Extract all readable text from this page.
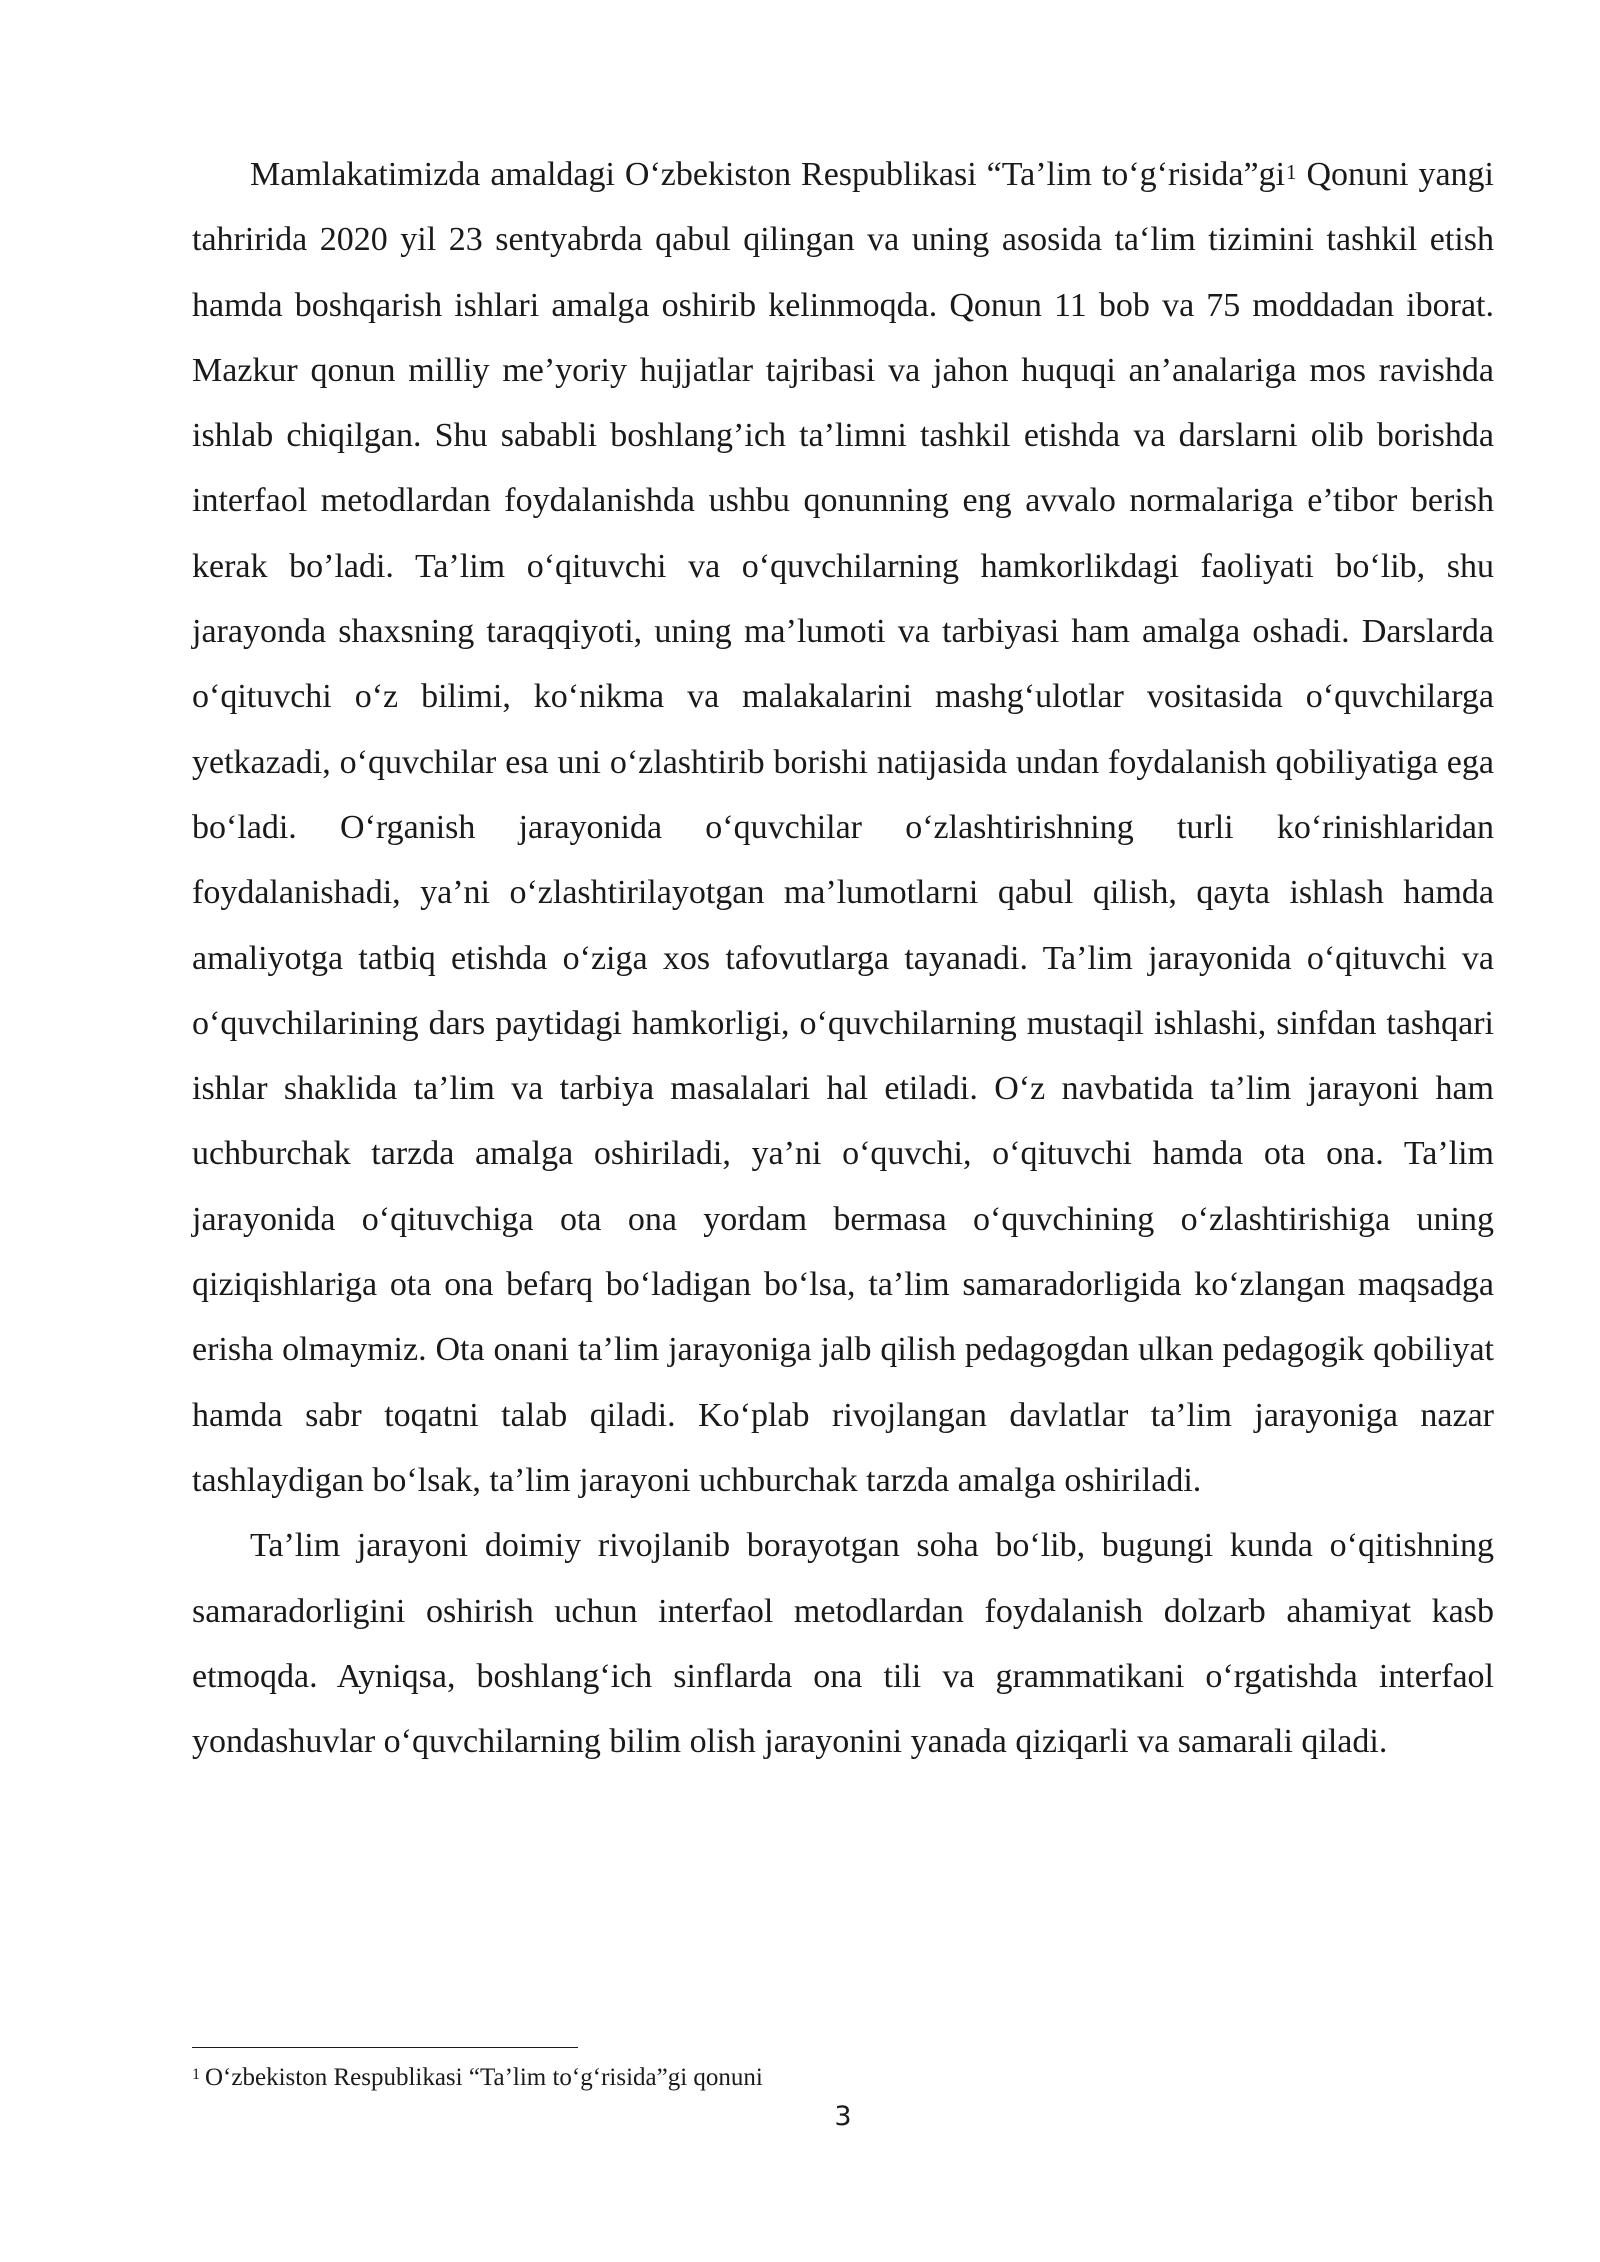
Mamlakatimizda amaldagi O‘zbekiston Respublikasi “Ta’lim to‘g‘risida”gi$^1$ Qonuni yangi tahririda 2020 yil 23 sentyabrda qabul qilingan va uning asosida ta‘lim tizimini tashkil etish hamda boshqarish ishlari amalga oshirib kelinmoqda. Qonun 11 bob va 75 moddadan iborat. Mazkur qonun milliy me’yoriy hujjatlar tajribasi va jahon huquqi an’analariga mos ravishda ishlab chiqilgan. Shu sababli boshlang’ich ta’limni tashkil etishda va darslarni olib borishda interfaol metodlardan foydalanishda ushbu qonunning eng avvalo normalariga e’tibor berish kerak bo’ladi. Ta’lim o‘qituvchi va o‘quvchilarning hamkorlikdagi faoliyati bo‘lib, shu jarayonda shaxsning taraqqiyoti, uning ma’lumoti va tarbiyasi ham amalga oshadi. Darslarda o‘qituvchi o‘z bilimi, ko‘nikma va malakalarini mashg‘ulotlar vositasida o‘quvchilarga yetkazadi, o‘quvchilar esa uni o‘zlashtirib borishi natijasida undan foydalanish qobiliyatiga ega bo‘ladi. O‘rganish jarayonida o‘quvchilar o‘zlashtirishning turli ko‘rinishlaridan foydalanishadi, ya’ni o‘zlashtirilayotgan ma’lumotlarni qabul qilish, qayta ishlash hamda amaliyotga tatbiq etishda o‘ziga xos tafovutlarga tayanadi. Ta’lim jarayonida o‘qituvchi va o‘quvchilarining dars paytidagi hamkorligi, o‘quvchilarning mustaqil ishlashi, sinfdan tashqari ishlar shaklida ta’lim va tarbiya masalalari hal etiladi. O‘z navbatida ta’lim jarayoni ham uchburchak tarzda amalga oshiriladi, ya’ni o‘quvchi, o‘qituvchi hamda ota ona. Ta’lim jarayonida o‘qituvchiga ota ona yordam bermasa o‘quvchining o‘zlashtirishiga uning qiziqishlariga ota ona befarq bo‘ladigan bo‘lsa, ta’lim samaradorligida ko‘zlangan maqsadga erisha olmaymiz. Ota onani ta’lim jarayoniga jalb qilish pedagogdan ulkan pedagogik qobiliyat hamda sabr toqatni talab qiladi. Ko‘plab rivojlangan davlatlar ta’lim jarayoniga nazar tashlaydigan bo‘lsak, ta’lim jarayoni uchburchak tarzda amalga oshiriladi.

Ta’lim jarayoni doimiy rivojlanib borayotgan soha bo‘lib, bugungi kunda o‘qitishning samaradorligini oshirish uchun interfaol metodlardan foydalanish dolzarb ahamiyat kasb etmoqda. Ayniqsa, boshlang‘ich sinflarda ona tili va grammatikani o‘rgatishda interfaol yondashuvlar o‘quvchilarning bilim olish jarayonini yanada qiziqarli va samarali qiladi.

$^1$ O‘zbekiston Respublikasi “Ta’lim to‘g‘risida”gi qonuni
3
